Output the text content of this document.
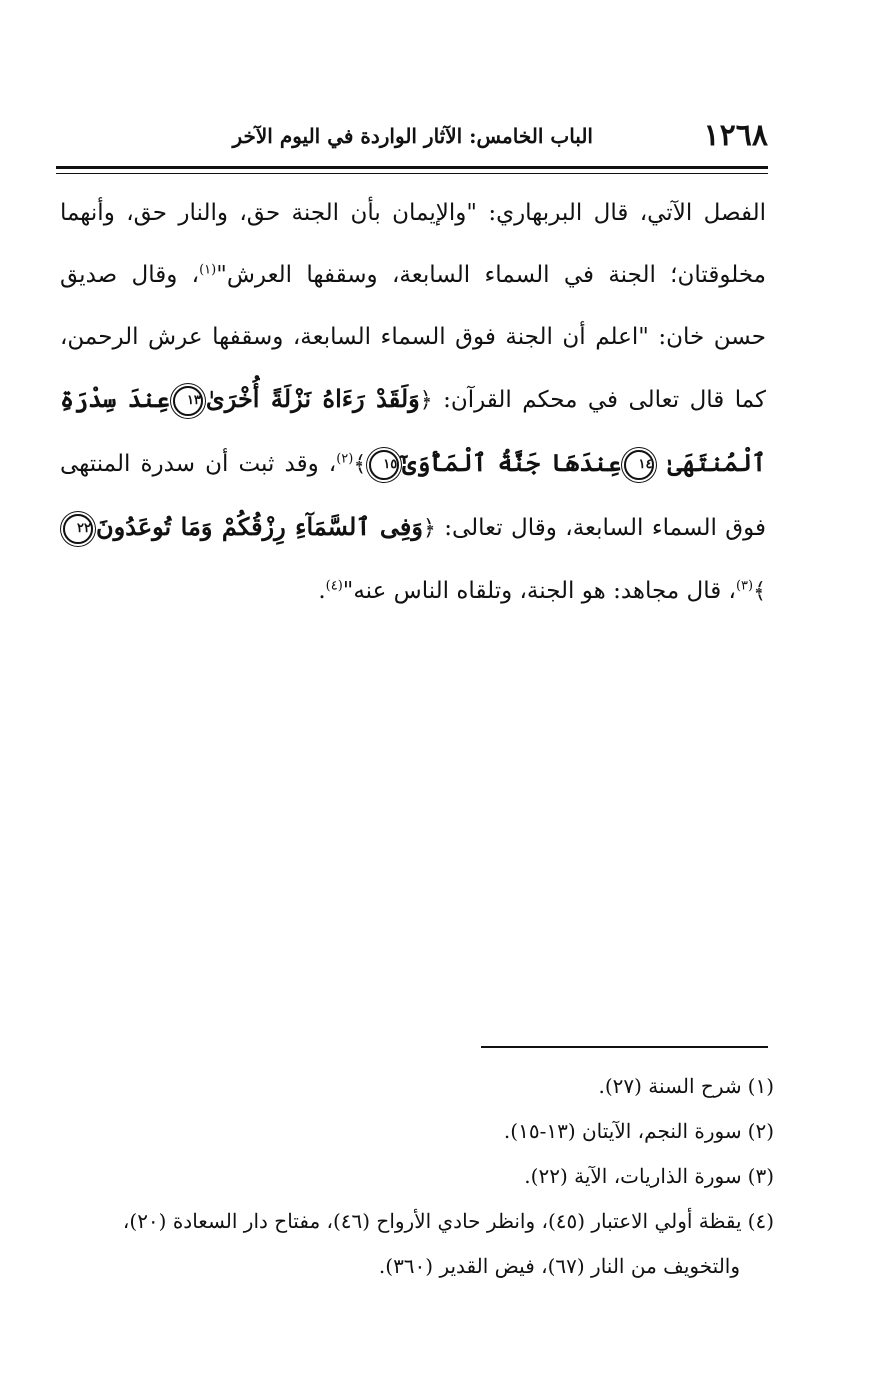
١٢٦٨
الباب الخامس: الآثار الواردة في اليوم الآخر

الفصل الآتي، قال البربهاري: "والإيمان بأن الجنة حق، والنار حق، وأنهما مخلوقتان؛ الجنة في السماء السابعة، وسقفها العرش"$^{(١)}$، وقال صديق حسن خان: "اعلم أن الجنة فوق السماء السابعة، وسقفها عرش الرحمن، كما قال تعالى في محكم القرآن: ﴿وَلَقَدْ رَءَاهُ نَزْلَةً أُخْرَىٰ١٣عِندَ سِدْرَةِ ٱلْمُنتَهَىٰ ١٤عِندَهَا جَنَّةُ ٱلْمَأْوَىٰٓ١٥﴾$^{(٢)}$، وقد ثبت أن سدرة المنتهى فوق السماء السابعة، وقال تعالى: ﴿وَفِى ٱلسَّمَآءِ رِزْقُكُمْ وَمَا تُوعَدُونَ٢٢﴾$^{(٣)}$، قال مجاهد: هو الجنة، وتلقاه الناس عنه"$^{(٤)}$.

(١)شرح السنة (٢٧).

(٢)سورة النجم، الآيتان (١٣-١٥).

(٣)سورة الذاريات، الآية (٢٢).

(٤)يقظة أولي الاعتبار (٤٥)، وانظر حادي الأرواح (٤٦)، مفتاح دار السعادة (٢٠)،

والتخويف من النار (٦٧)، فيض القدير (٣٦٠).
